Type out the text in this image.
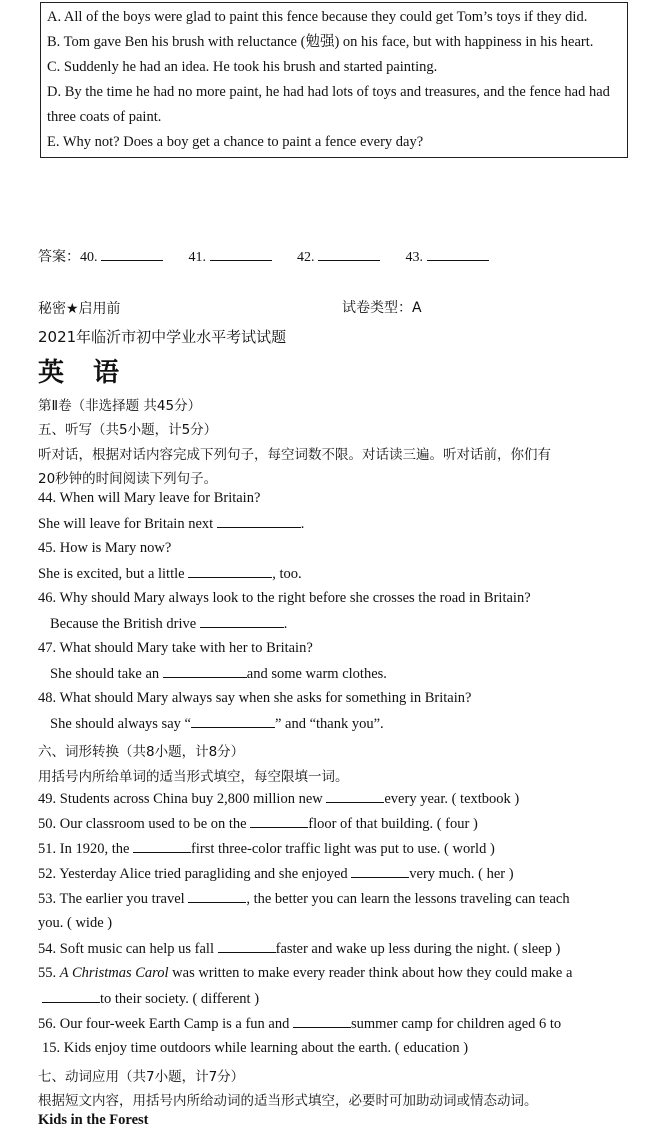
A. All of the boys were glad to paint this fence because they could get Tom’s toys if they did.
B. Tom gave Ben his brush with reluctance (勉强) on his face, but with happiness in his heart.
C. Suddenly he had an idea. He took his brush and started painting.
D. By the time he had no more paint, he had had lots of toys and treasures, and the fence had had
three coats of paint.
E. Why not? Does a boy get a chance to paint a fence every day?
答案：40.	41.	42.	43.
秘密★启用前	试卷类型：A
2021年临沂市初中学业水平考试试题
英 语
第Ⅱ卷（非选择题 共45分）
五、听写（共5小题，计5分）
听对话，根据对话内容完成下列句子，每空词数不限。对话读三遍。听对话前，你们有
20秒钟的时间阅读下列句子。
44. When will Mary leave for Britain?
She will leave for Britain next	.
45. How is Mary now?
She is excited, but a little	, too.
46. Why should Mary always look to the right before she crosses the road in Britain?
Because the British drive	.
47. What should Mary take with her to Britain?
She should take an	and some warm clothes.
48. What should Mary always say when she asks for something in Britain?
She should always say “	” and “thank you”.
六、词形转换（共8小题，计8分）
用括号内所给单词的适当形式填空，每空限填一词。
49. Students across China buy 2,800 million new	every year. ( textbook )
50. Our classroom used to be on the	floor of that building. ( four )
51. In 1920, the	first three-color traffic light was put to use. ( world )
52. Yesterday Alice tried paragliding and she enjoyed	very much. ( her )
53. The earlier you travel	, the better you can learn the lessons traveling can teach
you. ( wide )
54. Soft music can help us fall	faster and wake up less during the night. ( sleep )
55. A Christmas Carol was written to make every reader think about how they could make a
to their society. ( different )
56. Our four-week Earth Camp is a fun and	summer camp for children aged 6 to
15. Kids enjoy time outdoors while learning about the earth. ( education )
七、动词应用（共7小题，计7分）
根据短文内容，用括号内所给动词的适当形式填空，必要时可加助动词或情态动词。
Kids in the Forest
